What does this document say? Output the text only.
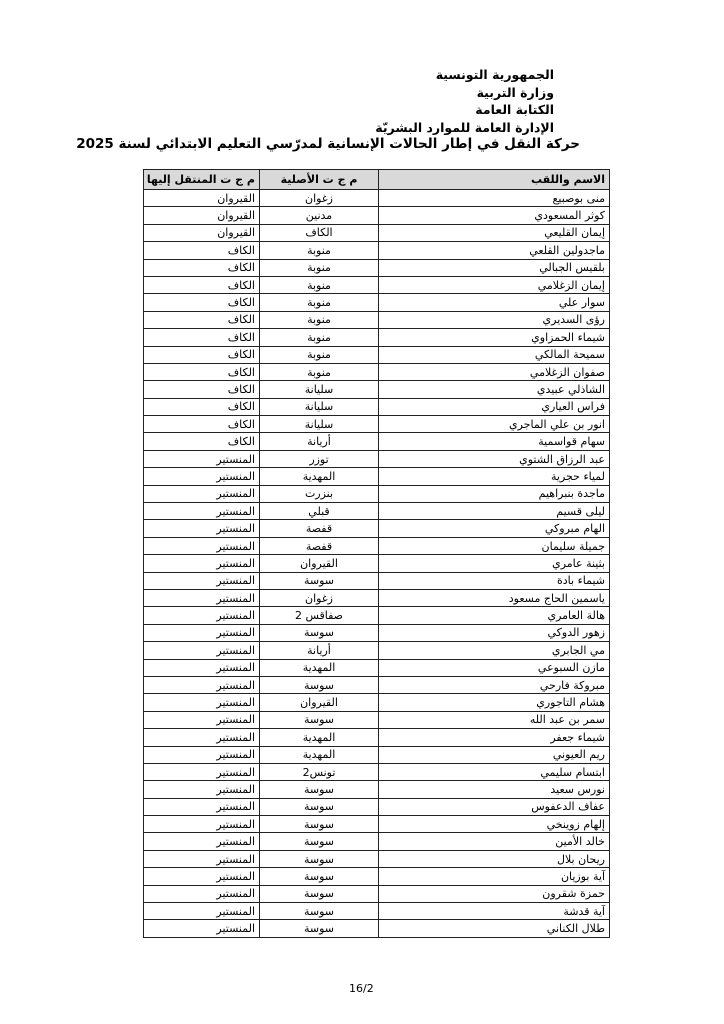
الجمهورية التونسية
وزارة التربية
الكتابة العامة
الإدارة العامة للموارد البشريّة
حركة النقل في إطار الحالات الإنسانية لمدرّسي التعليم الابتدائي لسنة 2025
الاسم واللقب	م ج ت الأصلية	م ج ت المنتقل إليها
منى بوصبيع	زغوان	القيروان
كوثر المسعودي	مدنين	القيروان
إيمان القليعي	الكاف	القيروان
ماجدولين القلعي	منوبة	الكاف
بلقيس الجبالي	منوبة	الكاف
إيمان الزغلامي	منوبة	الكاف
سوار علي	منوبة	الكاف
رؤى السديري	منوبة	الكاف
شيماء الحمزاوي	منوبة	الكاف
سميحة المالكي	منوبة	الكاف
صفوان الزغلامي	منوبة	الكاف
الشاذلي عبيدي	سليانة	الكاف
فراس العياري	سليانة	الكاف
انور بن علي الماجري	سليانة	الكاف
سهام قواسمية	أريانة	الكاف
عبد الرزاق الشتوي	توزر	المنستير
لمياء حجرية	المهدية	المنستير
ماجدة بنبراهيم	بنزرت	المنستير
ليلى قسيم	قبلي	المنستير
الهام مبروكي	قفصة	المنستير
جميلة سليمان	قفصة	المنستير
بثينة عامري	القيروان	المنستير
شيماء بادة	سوسة	المنستير
ياسمين الحاج مسعود	زغوان	المنستير
هالة العامري	صفاقس 2	المنستير
زهور الدوكي	سوسة	المنستير
مي الجابري	أريانة	المنستير
مازن السبوعي	المهدية	المنستير
مبروكة فارحي	سوسة	المنستير
هشام التاجوري	القيروان	المنستير
سمر بن عبد الله	سوسة	المنستير
شيماء جعفر	المهدية	المنستير
ريم العيوني	المهدية	المنستير
ابتسام سليمي	تونس2	المنستير
نورس سعيد	سوسة	المنستير
عفاف الدعفوس	سوسة	المنستير
إلهام زوينخي	سوسة	المنستير
خالد الأمين	سوسة	المنستير
ريحان بلال	سوسة	المنستير
آية بوزيان	سوسة	المنستير
حمزة شقرون	سوسة	المنستير
آية قدشة	سوسة	المنستير
طلال الكناني	سوسة	المنستير
16/2
